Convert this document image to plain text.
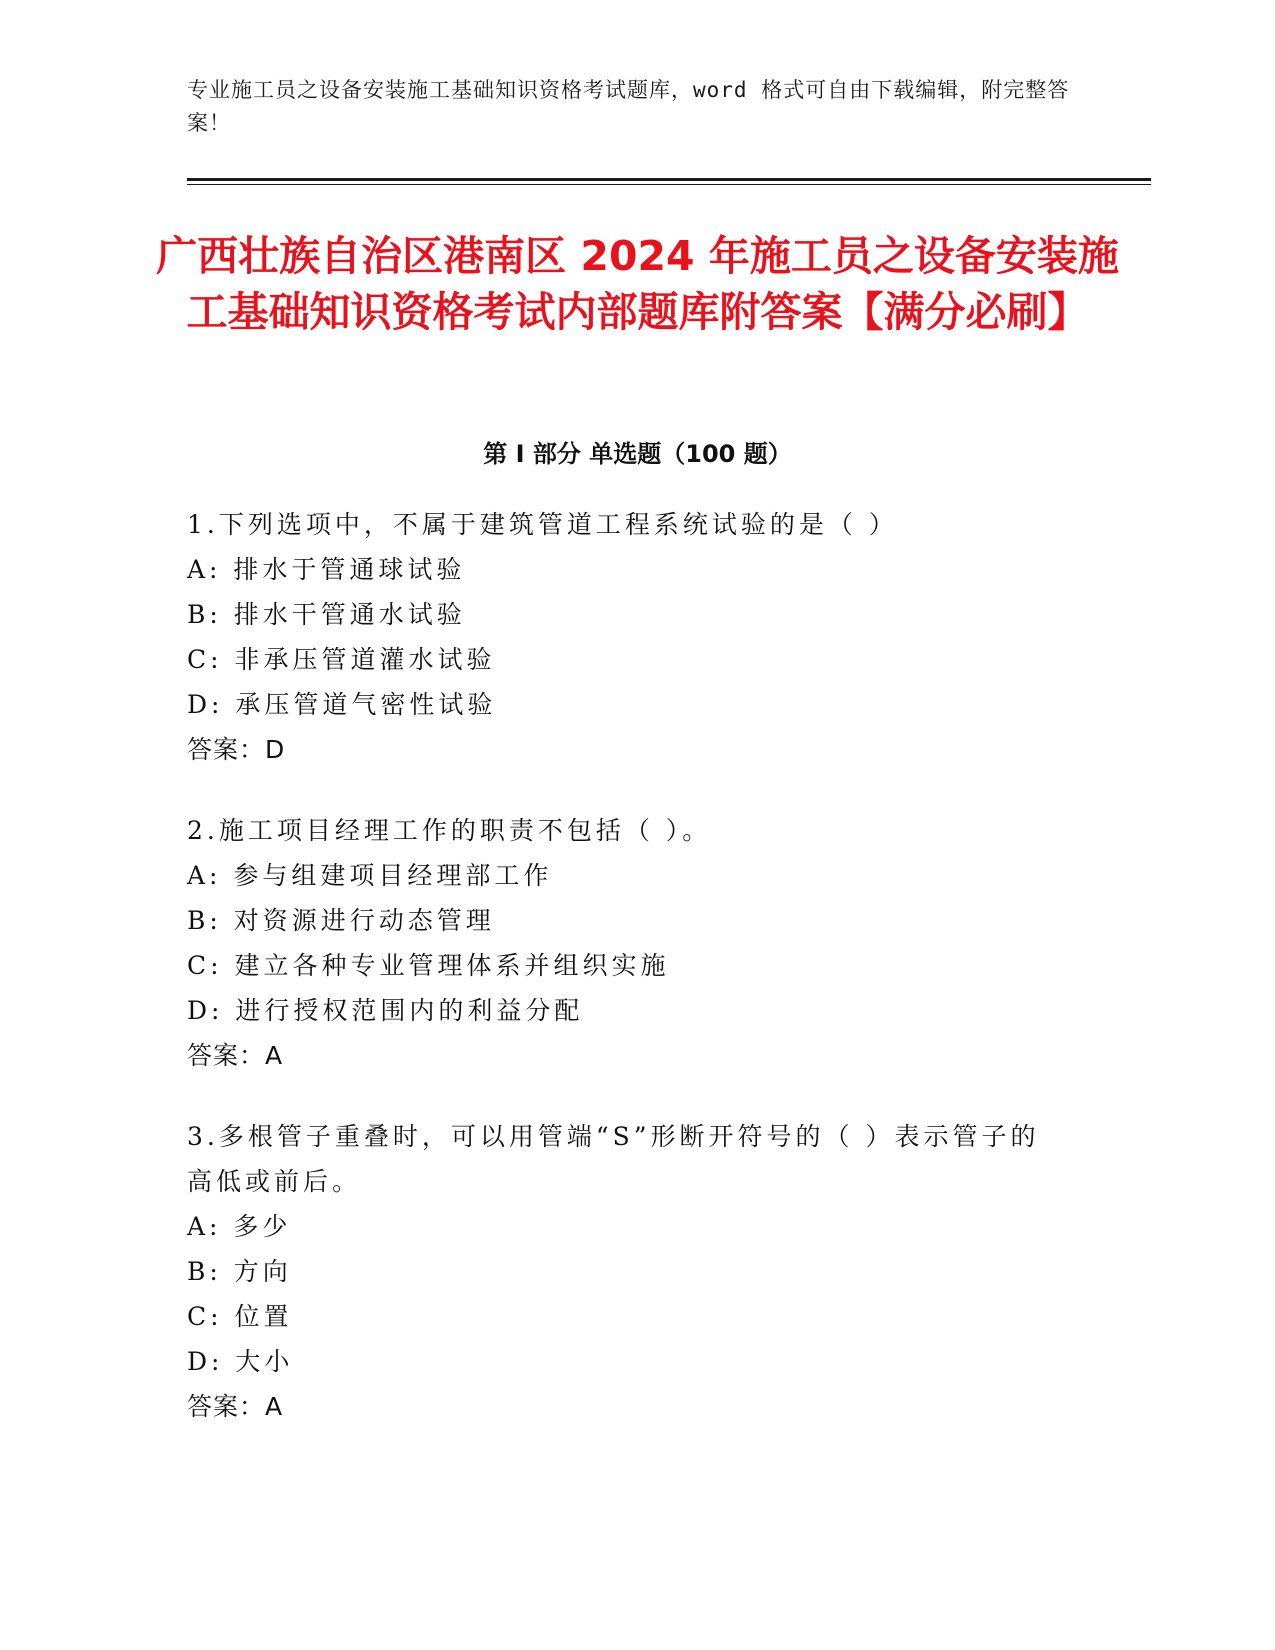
专业施工员之设备安装施工基础知识资格考试题库，word 格式可自由下载编辑，附完整答案！
广西壮族自治区港南区 2024 年施工员之设备安装施工基础知识资格考试内部题库附答案【满分必刷】
第 I 部分 单选题（100 题）
1.下列选项中，不属于建筑管道工程系统试验的是（ ）
A: 排水于管通球试验
B: 排水干管通水试验
C: 非承压管道灌水试验
D: 承压管道气密性试验
答案：D
2.施工项目经理工作的职责不包括（ ）。
A: 参与组建项目经理部工作
B: 对资源进行动态管理
C: 建立各种专业管理体系并组织实施
D: 进行授权范围内的利益分配
答案：A
3.多根管子重叠时，可以用管端“S”形断开符号的（ ）表示管子的高低或前后。
A: 多少
B: 方向
C: 位置
D: 大小
答案：A
